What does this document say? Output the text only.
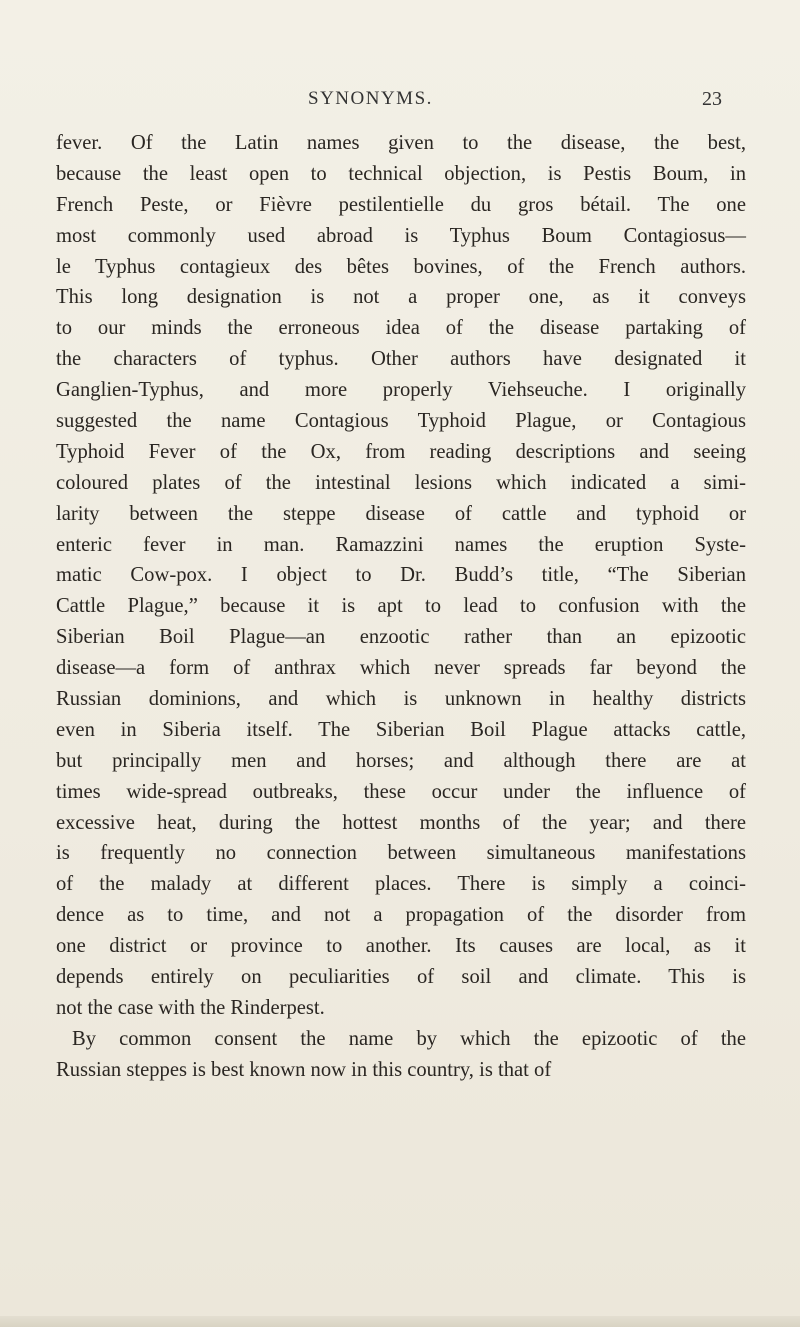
SYNONYMS.	23
fever. Of the Latin names given to the disease, the best,
because the least open to technical objection, is Pestis Boum, in
French Peste, or Fièvre pestilentielle du gros bétail. The one
most commonly used abroad is Typhus Boum Contagiosus—
le Typhus contagieux des bêtes bovines, of the French authors.
This long designation is not a proper one, as it conveys
to our minds the erroneous idea of the disease partaking of
the characters of typhus. Other authors have designated it
Ganglien-Typhus, and more properly Viehseuche. I originally
suggested the name Contagious Typhoid Plague, or Contagious
Typhoid Fever of the Ox, from reading descriptions and seeing
coloured plates of the intestinal lesions which indicated a simi-
larity between the steppe disease of cattle and typhoid or
enteric fever in man. Ramazzini names the eruption Syste-
matic Cow-pox. I object to Dr. Budd’s title, “The Siberian
Cattle Plague,” because it is apt to lead to confusion with the
Siberian Boil Plague—an enzootic rather than an epizootic
disease—a form of anthrax which never spreads far beyond the
Russian dominions, and which is unknown in healthy districts
even in Siberia itself. The Siberian Boil Plague attacks cattle,
but principally men and horses; and although there are at
times wide-spread outbreaks, these occur under the influence of
excessive heat, during the hottest months of the year; and there
is frequently no connection between simultaneous manifestations
of the malady at different places. There is simply a coinci-
dence as to time, and not a propagation of the disorder from
one district or province to another. Its causes are local, as it
depends entirely on peculiarities of soil and climate. This is
not the case with the Rinderpest.
By common consent the name by which the epizootic of the
Russian steppes is best known now in this country, is that of
